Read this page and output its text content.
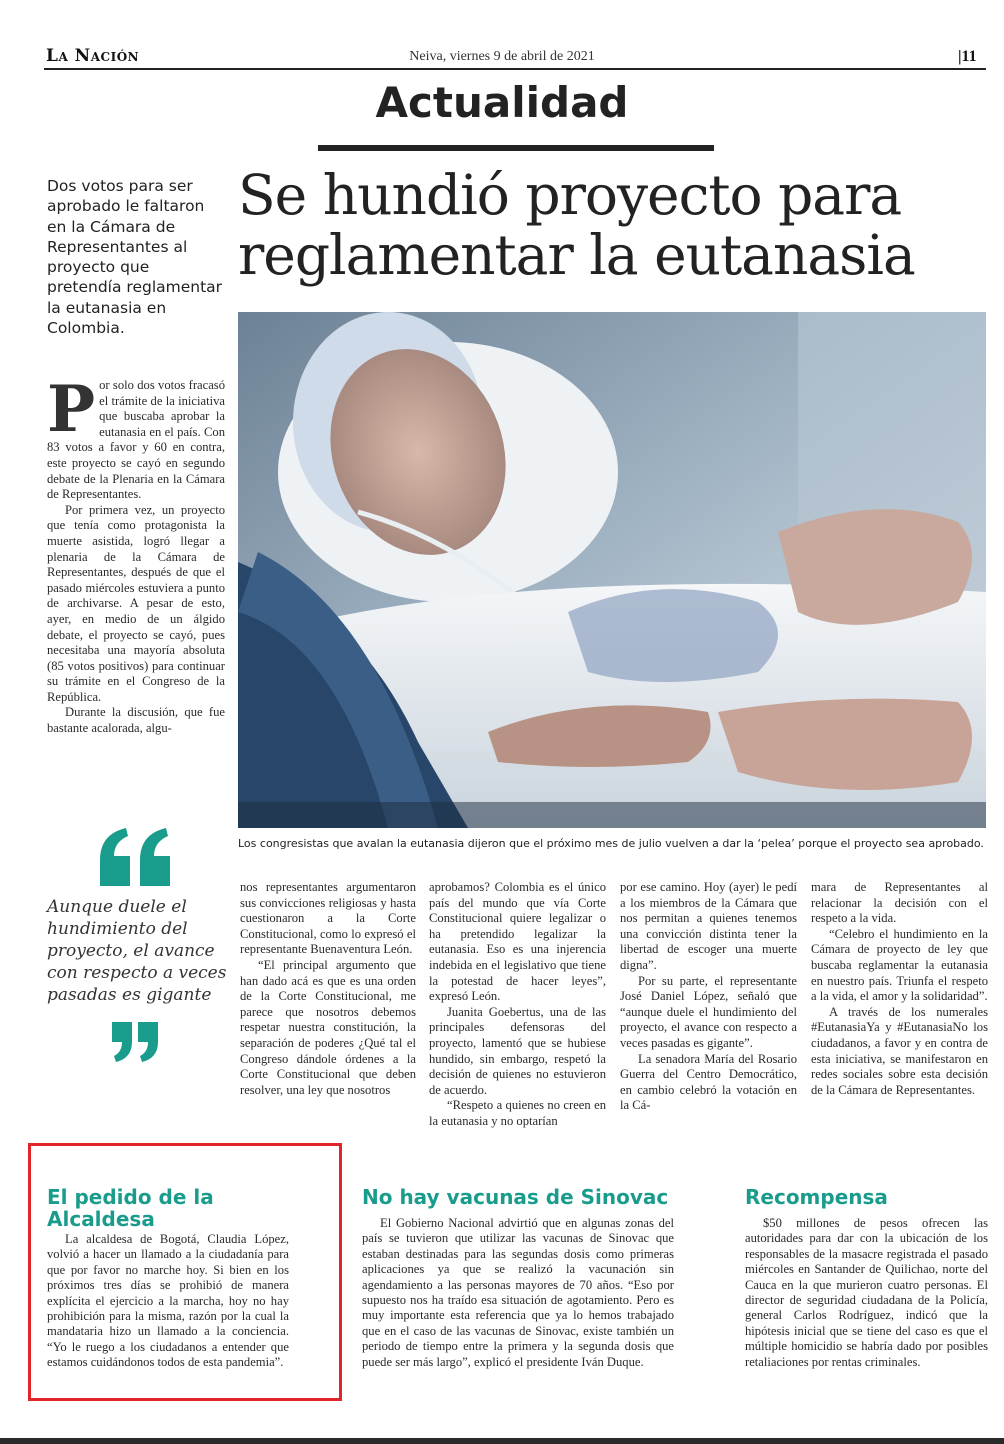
La Nación	Neiva, viernes 9 de abril de 2021	|11
Actualidad
Dos votos para ser aprobado le faltaron en la Cámara de Representantes al proyecto que pretendía reglamentar la eutanasia en Colombia.
Se hundió proyecto para
reglamentar la eutanasia
Los congresistas que avalan la eutanasia dijeron que el próximo mes de julio vuelven a dar la ‘pelea’ porque el proyecto sea aprobado.
P or solo dos votos fracasó el trámite de la iniciativa que buscaba aprobar la eutanasia en el país. Con 83 votos a favor y 60 en contra, este proyecto se cayó en segundo debate de la Plenaria en la Cámara de Representantes.

Por primera vez, un proyecto que tenía como protagonista la muerte asistida, logró llegar a plenaria de la Cámara de Representantes, después de que el pasado miércoles estuviera a punto de archivarse. A pesar de esto, ayer, en medio de un álgido debate, el proyecto se cayó, pues necesitaba una mayoría absoluta (85 votos positivos) para continuar su trámite en el Congreso de la República.

Durante la discusión, que fue bastante acalorada, algu-

Aunque duele el hundimiento del proyecto, el avance con respecto a veces pasadas es gigante

nos representantes argumentaron sus convicciones religiosas y hasta cuestionaron a la Corte Constitucional, como lo expresó el representante Buenaventura León.

“El principal argumento que han dado acá es que es una orden de la Corte Constitucional, me parece que nosotros debemos respetar nuestra constitución, la separación de poderes ¿Qué tal el Congreso dándole órdenes a la Corte Constitucional que deben resolver, una ley que nosotros

aprobamos? Colombia es el único país del mundo que vía Corte Constitucional quiere legalizar o ha pretendido legalizar la eutanasia. Eso es una injerencia indebida en el legislativo que tiene la potestad de hacer leyes”, expresó León.

Juanita Goebertus, una de las principales defensoras del proyecto, lamentó que se hubiese hundido, sin embargo, respetó la decisión de quienes no estuvieron de acuerdo.

“Respeto a quienes no creen en la eutanasia y no optarían

por ese camino. Hoy (ayer) le pedí a los miembros de la Cámara que nos permitan a quienes tenemos una convicción distinta tener la libertad de escoger una muerte digna”.

Por su parte, el representante José Daniel López, señaló que “aunque duele el hundimiento del proyecto, el avance con respecto a veces pasadas es gigante”.

La senadora María del Rosario Guerra del Centro Democrático, en cambio celebró la votación en la Cá-

mara de Representantes al relacionar la decisión con el respeto a la vida.

“Celebro el hundimiento en la Cámara de proyecto de ley que buscaba reglamentar la eutanasia en nuestro país. Triunfa el respeto a la vida, el amor y la solidaridad”.

A través de los numerales #EutanasiaYa y #EutanasiaNo los ciudadanos, a favor y en contra de esta iniciativa, se manifestaron en redes sociales sobre esta decisión de la Cámara de Representantes.

El pedido de la Alcaldesa

La alcaldesa de Bogotá, Claudia López, volvió a hacer un llamado a la ciudadanía para que por favor no marche hoy. Si bien en los próximos tres días se prohibió de manera explícita el ejercicio a la marcha, hoy no hay prohibición para la misma, razón por la cual la mandataria hizo un llamado a la conciencia. “Yo le ruego a los ciudadanos a entender que estamos cuidándonos todos de esta pandemia”.

No hay vacunas de Sinovac

El Gobierno Nacional advirtió que en algunas zonas del país se tuvieron que utilizar las vacunas de Sinovac que estaban destinadas para las segundas dosis como primeras aplicaciones ya que se realizó la vacunación sin agendamiento a las personas mayores de 70 años. “Eso por supuesto nos ha traído esa situación de agotamiento. Pero es muy importante esta referencia que ya lo hemos trabajado que en el caso de las vacunas de Sinovac, existe también un periodo de tiempo entre la primera y la segunda dosis que puede ser más largo”, explicó el presidente Iván Duque.

Recompensa

$50 millones de pesos ofrecen las autoridades para dar con la ubicación de los responsables de la masacre registrada el pasado miércoles en Santander de Quilichao, norte del Cauca en la que murieron cuatro personas. El director de seguridad ciudadana de la Policía, general Carlos Rodríguez, indicó que la hipótesis inicial que se tiene del caso es que el múltiple homicidio se habría dado por posibles retaliaciones por rentas criminales.
